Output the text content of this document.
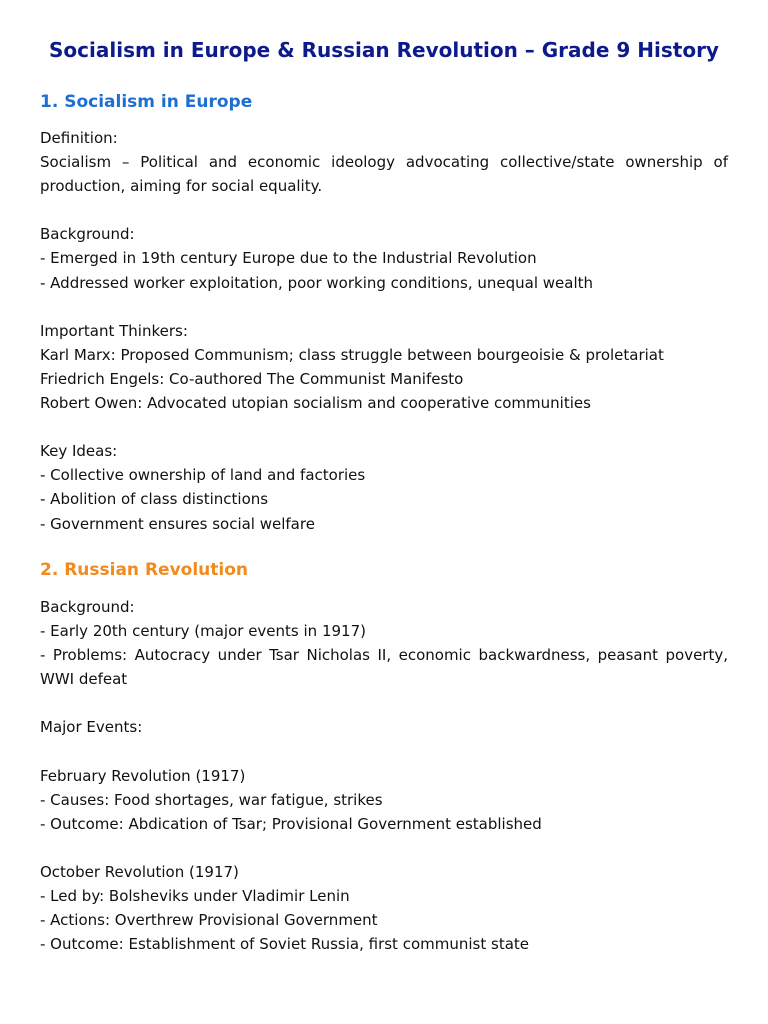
Socialism in Europe & Russian Revolution – Grade 9 History
1. Socialism in Europe

Definition:

Socialism – Political and economic ideology advocating collective/state ownership of production, aiming for social equality.

Background:

- Emerged in 19th century Europe due to the Industrial Revolution

- Addressed worker exploitation, poor working conditions, unequal wealth

Important Thinkers:

Karl Marx: Proposed Communism; class struggle between bourgeoisie & proletariat

Friedrich Engels: Co-authored The Communist Manifesto

Robert Owen: Advocated utopian socialism and cooperative communities

Key Ideas:

- Collective ownership of land and factories

- Abolition of class distinctions

- Government ensures social welfare

2. Russian Revolution

Background:

- Early 20th century (major events in 1917)

- Problems: Autocracy under Tsar Nicholas II, economic backwardness, peasant poverty, WWI defeat

Major Events:

February Revolution (1917)

- Causes: Food shortages, war fatigue, strikes

- Outcome: Abdication of Tsar; Provisional Government established

October Revolution (1917)

- Led by: Bolsheviks under Vladimir Lenin

- Actions: Overthrew Provisional Government

- Outcome: Establishment of Soviet Russia, first communist state
